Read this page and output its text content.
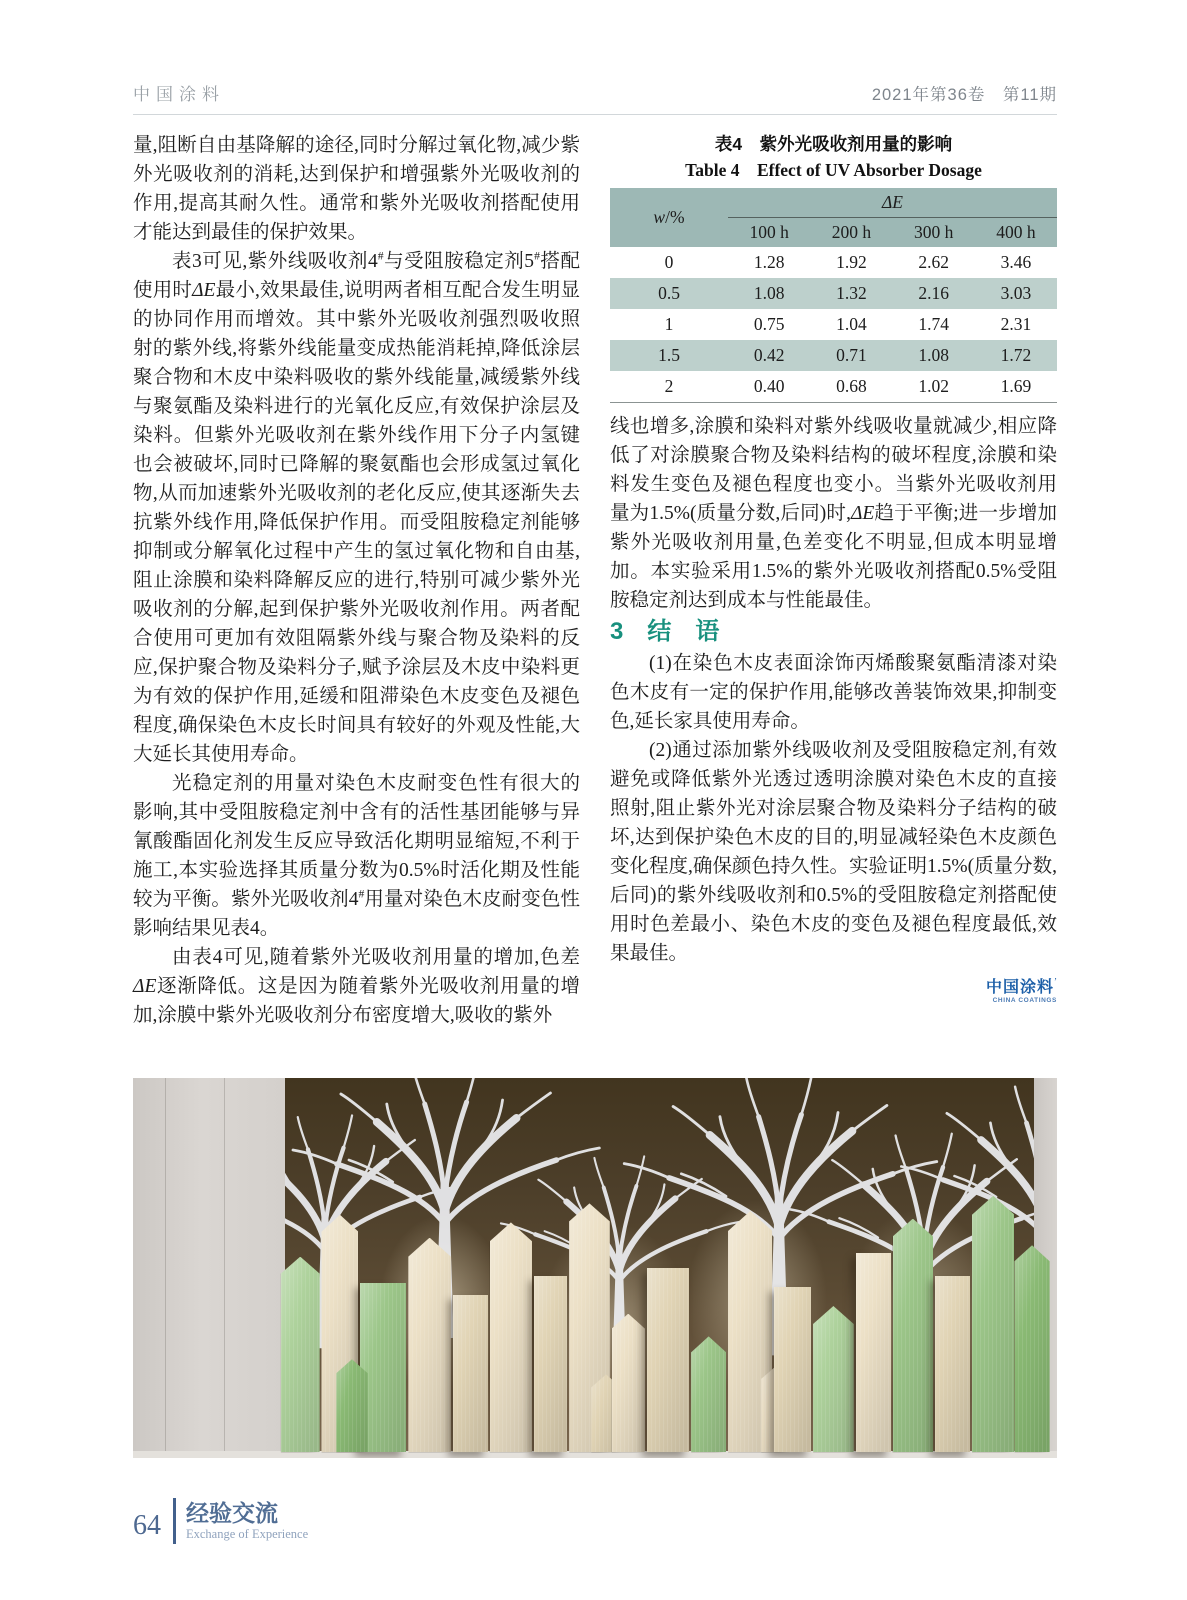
中国涂料	2021年第36卷　第11期

量,阻断自由基降解的途径,同时分解过氧化物,减少紫外光吸收剂的消耗,达到保护和增强紫外光吸收剂的作用,提高其耐久性。通常和紫外光吸收剂搭配使用才能达到最佳的保护效果。

表3可见,紫外线吸收剂4#与受阻胺稳定剂5#搭配使用时ΔE最小,效果最佳,说明两者相互配合发生明显的协同作用而增效。其中紫外光吸收剂强烈吸收照射的紫外线,将紫外线能量变成热能消耗掉,降低涂层聚合物和木皮中染料吸收的紫外线能量,减缓紫外线与聚氨酯及染料进行的光氧化反应,有效保护涂层及染料。但紫外光吸收剂在紫外线作用下分子内氢键也会被破坏,同时已降解的聚氨酯也会形成氢过氧化物,从而加速紫外光吸收剂的老化反应,使其逐渐失去抗紫外线作用,降低保护作用。而受阻胺稳定剂能够抑制或分解氧化过程中产生的氢过氧化物和自由基,阻止涂膜和染料降解反应的进行,特别可减少紫外光吸收剂的分解,起到保护紫外光吸收剂作用。两者配合使用可更加有效阻隔紫外线与聚合物及染料的反应,保护聚合物及染料分子,赋予涂层及木皮中染料更为有效的保护作用,延缓和阻滞染色木皮变色及褪色程度,确保染色木皮长时间具有较好的外观及性能,大大延长其使用寿命。

光稳定剂的用量对染色木皮耐变色性有很大的影响,其中受阻胺稳定剂中含有的活性基团能够与异氰酸酯固化剂发生反应导致活化期明显缩短,不利于施工,本实验选择其质量分数为0.5%时活化期及性能较为平衡。紫外光吸收剂4#用量对染色木皮耐变色性影响结果见表4。

由表4可见,随着紫外光吸收剂用量的增加,色差ΔE逐渐降低。这是因为随着紫外光吸收剂用量的增加,涂膜中紫外光吸收剂分布密度增大,吸收的紫外

表4　紫外光吸收剂用量的影响
Table 4　Effect of UV Absorber Dosage
w/%	ΔE			
	100 h	200 h	300 h	400 h
0	1.28	1.92	2.62	3.46
0.5	1.08	1.32	2.16	3.03
1	0.75	1.04	1.74	2.31
1.5	0.42	0.71	1.08	1.72
2	0.40	0.68	1.02	1.69

线也增多,涂膜和染料对紫外线吸收量就减少,相应降低了对涂膜聚合物及染料结构的破坏程度,涂膜和染料发生变色及褪色程度也变小。当紫外光吸收剂用量为1.5%(质量分数,后同)时,ΔE趋于平衡;进一步增加紫外光吸收剂用量,色差变化不明显,但成本明显增加。本实验采用1.5%的紫外光吸收剂搭配0.5%受阻胺稳定剂达到成本与性能最佳。

3　结　语

(1)在染色木皮表面涂饰丙烯酸聚氨酯清漆对染色木皮有一定的保护作用,能够改善装饰效果,抑制变色,延长家具使用寿命。

(2)通过添加紫外线吸收剂及受阻胺稳定剂,有效避免或降低紫外光透过透明涂膜对染色木皮的直接照射,阻止紫外光对涂层聚合物及染料分子结构的破坏,达到保护染色木皮的目的,明显减轻染色木皮颜色变化程度,确保颜色持久性。实验证明1.5%(质量分数,后同)的紫外线吸收剂和0.5%的受阻胺稳定剂搭配使用时色差最小、染色木皮的变色及褪色程度最低,效果最佳。

中国涂料’
CHINA COATINGS
64 经验交流
Exchange of Experience
